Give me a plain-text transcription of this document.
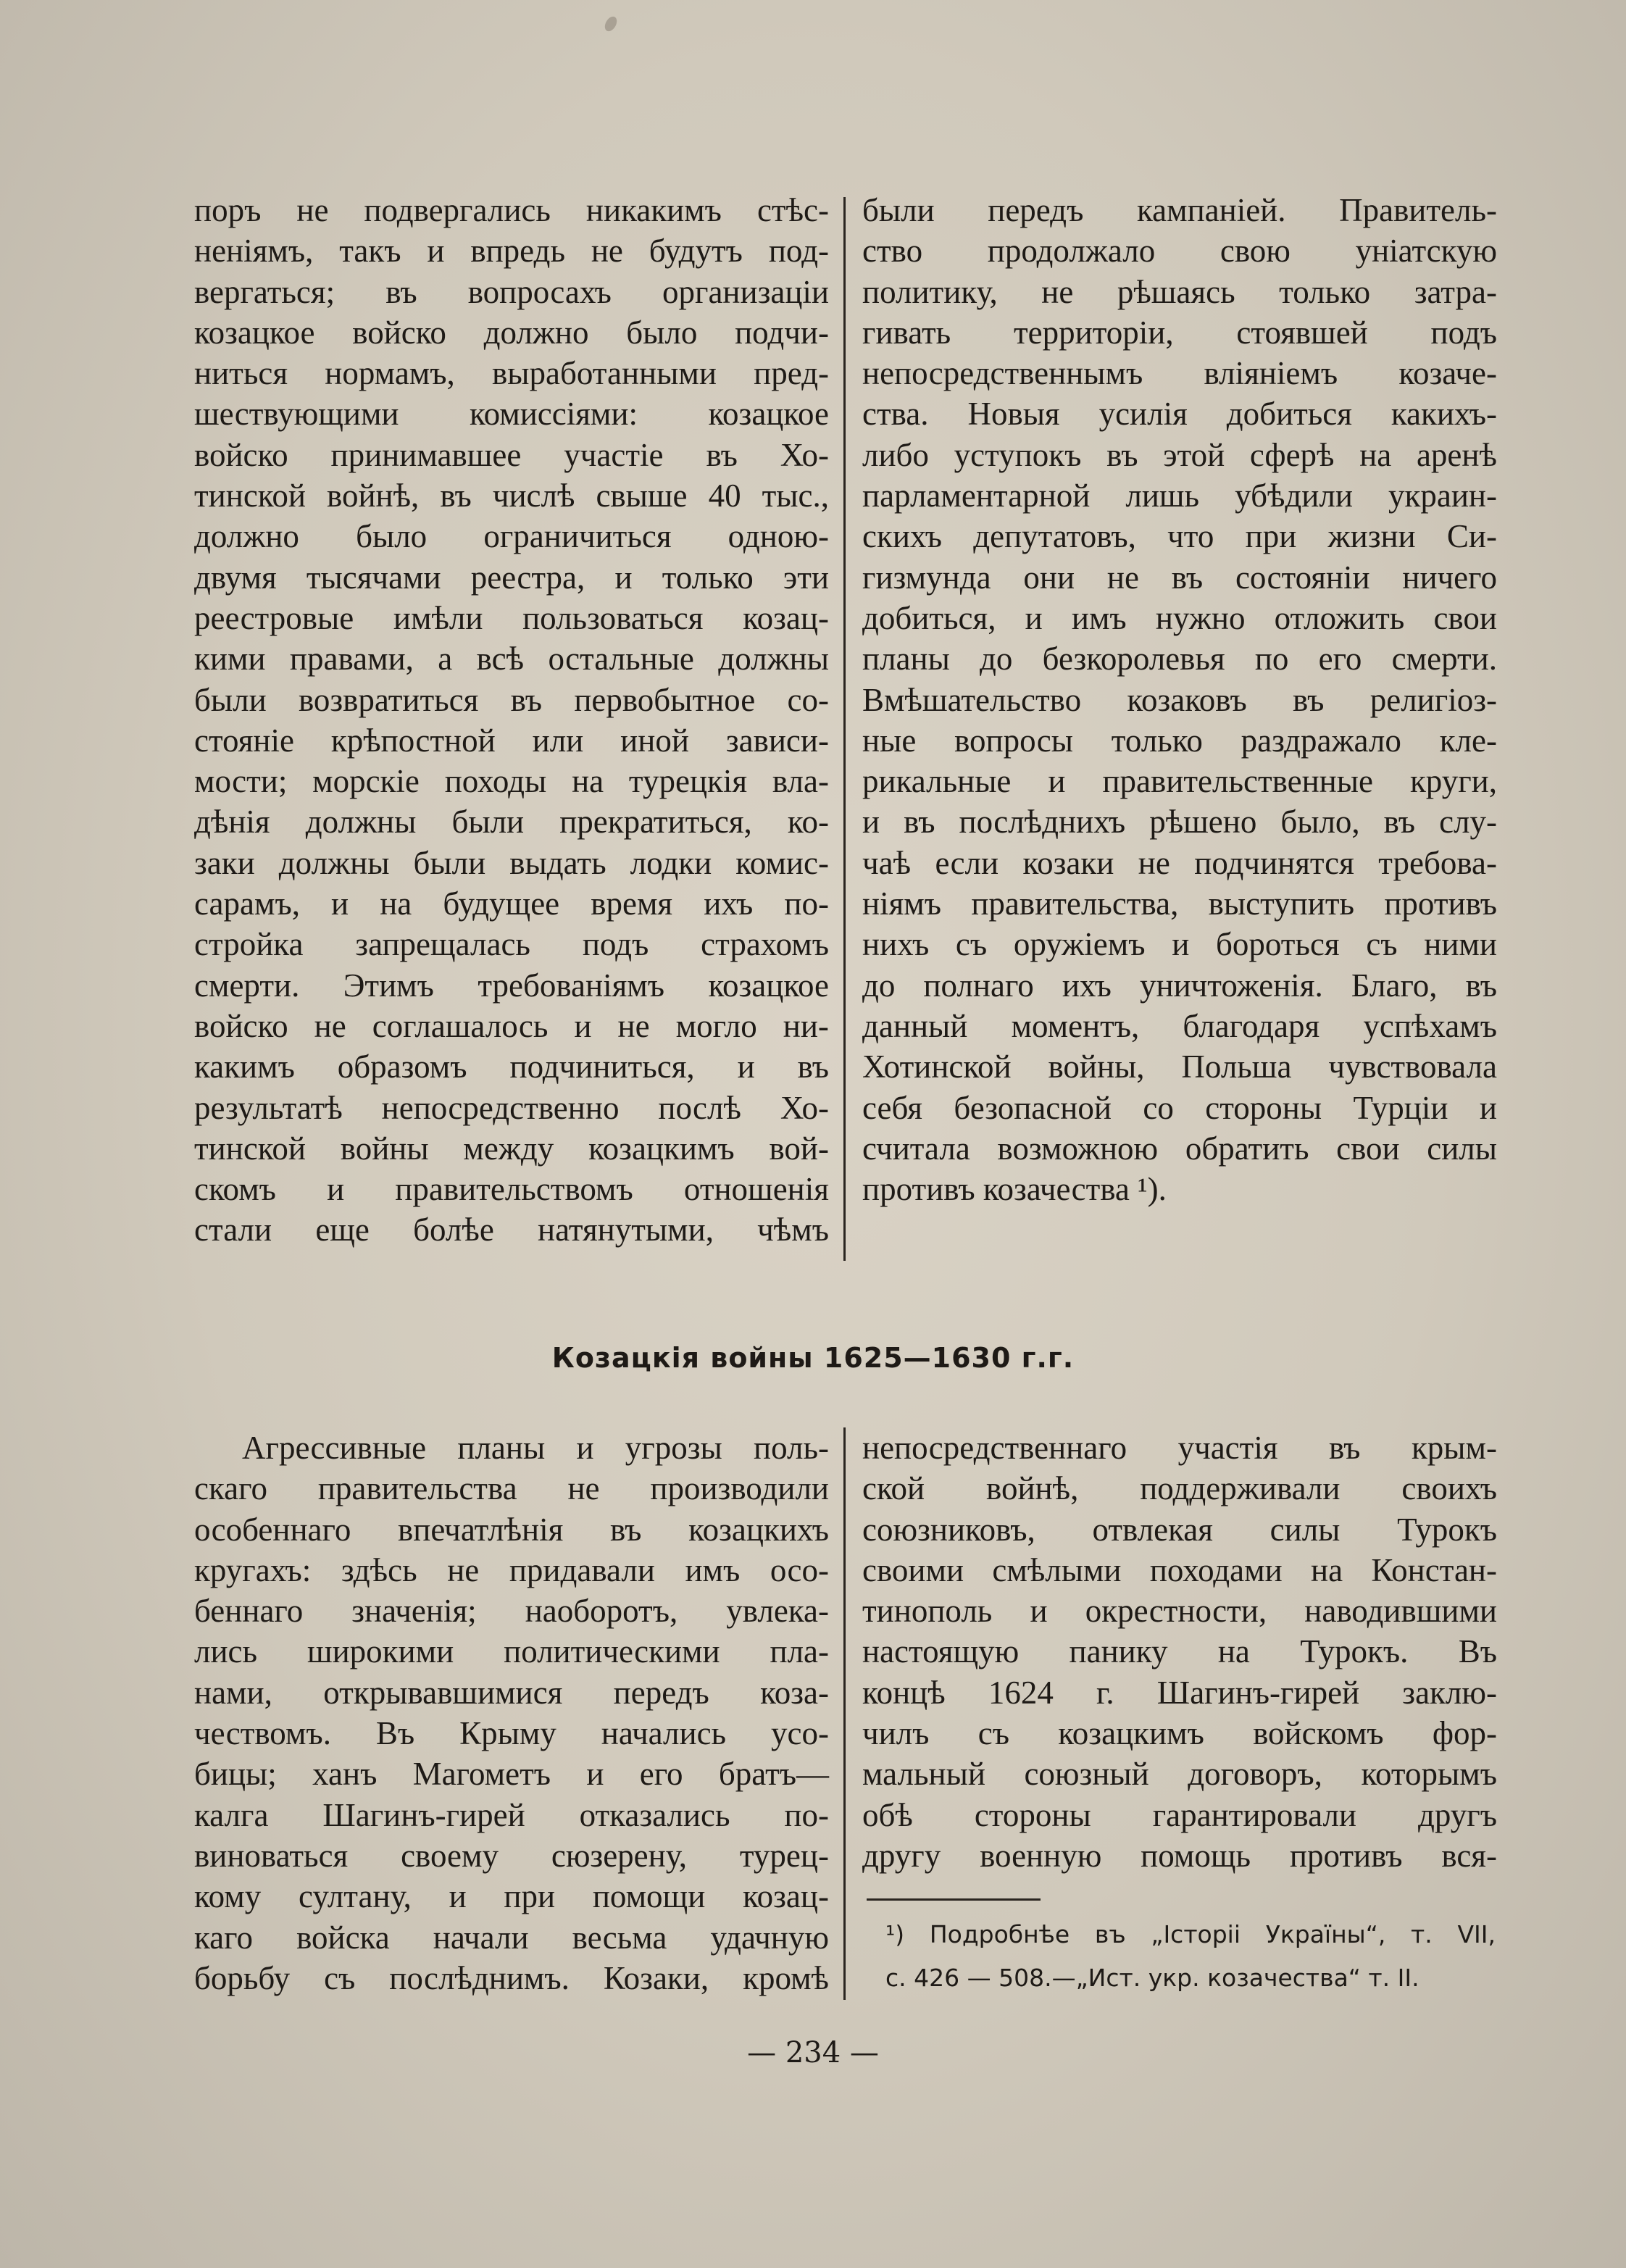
поръ не подвергались никакимъ стѣс-
неніямъ, такъ и впредь не будутъ под-
вергаться; въ вопросахъ организаціи
козацкое войско должно было подчи-
ниться нормамъ, выработанными пред-
шествующими комиссіями: козацкое
войско принимавшее участіе въ Хо-
тинской войнѣ, въ числѣ свыше 40 тыс.,
должно было ограничиться одною-
двумя тысячами реестра, и только эти
реестровые имѣли пользоваться козац-
кими правами, а всѣ остальные должны
были возвратиться въ первобытное со-
стояніе крѣпостной или иной зависи-
мости; морскіе походы на турецкія вла-
дѣнія должны были прекратиться, ко-
заки должны были выдать лодки комис-
сарамъ, и на будущее время ихъ по-
стройка запрещалась подъ страхомъ
смерти. Этимъ требованіямъ козацкое
войско не соглашалось и не могло ни-
какимъ образомъ подчиниться, и въ
результатѣ непосредственно послѣ Хо-
тинской войны между козацкимъ вой-
скомъ и правительствомъ отношенія
стали еще болѣе натянутыми, чѣмъ
были передъ кампаніей. Правитель-
ство продолжало свою уніатскую
политику, не рѣшаясь только затра-
гивать территоріи, стоявшей подъ
непосредственнымъ вліяніемъ козаче-
ства. Новыя усилія добиться какихъ-
либо уступокъ въ этой сферѣ на аренѣ
парламентарной лишь убѣдили украин-
скихъ депутатовъ, что при жизни Си-
гизмунда они не въ состояніи ничего
добиться, и имъ нужно отложить свои
планы до безкоролевья по его смерти.
Вмѣшательство козаковъ въ религіоз-
ные вопросы только раздражало кле-
рикальные и правительственные круги,
и въ послѣднихъ рѣшено было, въ слу-
чаѣ если козаки не подчинятся требова-
ніямъ правительства, выступить противъ
нихъ съ оружіемъ и бороться съ ними
до полнаго ихъ уничтоженія. Благо, въ
данный моментъ, благодаря успѣхамъ
Хотинской войны, Польша чувствовала
себя безопасной со стороны Турціи и
считала возможною обратить свои силы
противъ козачества ¹).
Козацкія войны 1625—1630 г.г.
Агрессивные планы и угрозы поль-
скаго правительства не производили
особеннаго впечатлѣнія въ козацкихъ
кругахъ: здѣсь не придавали имъ осо-
беннаго значенія; наоборотъ, увлека-
лись широкими политическими пла-
нами, открывавшимися передъ коза-
чествомъ. Въ Крыму начались усо-
бицы; ханъ Магометъ и его братъ—
калга Шагинъ-гирей отказались по-
виноваться своему сюзерену, турец-
кому султану, и при помощи козац-
каго войска начали весьма удачную
борьбу съ послѣднимъ. Козаки, кромѣ
непосредственнаго участія въ крым-
ской войнѣ, поддерживали своихъ
союзниковъ, отвлекая силы Турокъ
своими смѣлыми походами на Констан-
тинополь и окрестности, наводившими
настоящую панику на Турокъ. Въ
концѣ 1624 г. Шагинъ-гирей заклю-
чилъ съ козацкимъ войскомъ фор-
мальный союзный договоръ, которымъ
обѣ стороны гарантировали другъ
другу военную помощь противъ вся-
¹) Подробнѣе въ „Історіі Україны“, т. VII,
с. 426 — 508.—„Ист. укр. козачества“ т. II.
— 234 —
